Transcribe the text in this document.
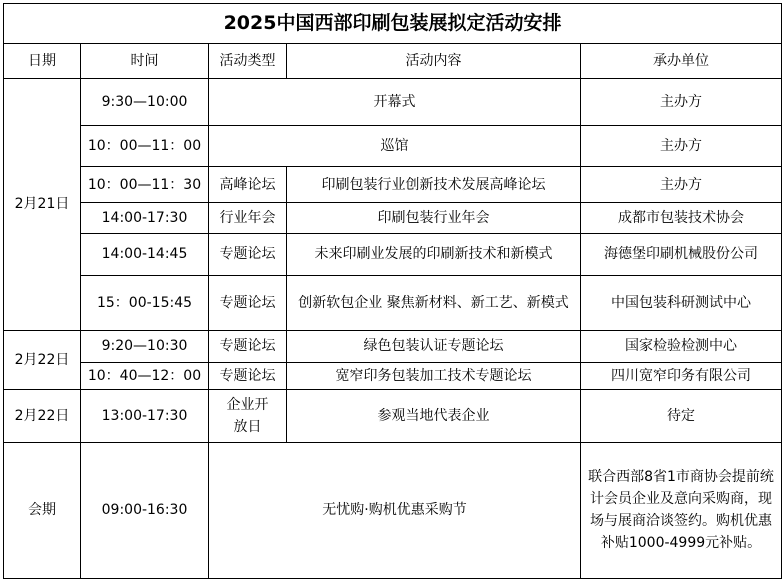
2025中国西部印刷包装展拟定活动安排				
日期	时间	活动类型	活动内容	承办单位
2月21日	9:30—10:00	开幕式		主办方
	10：00—11：00	巡馆		主办方
	10：00—11：30	高峰论坛	印刷包装行业创新技术发展高峰论坛	主办方
	14:00-17:30	行业年会	印刷包装行业年会	成都市包装技术协会
	14:00-14:45	专题论坛	未来印刷业发展的印刷新技术和新模式	海德堡印刷机械股份公司
	15：00-15:45	专题论坛	创新软包企业 聚焦新材料、新工艺、新模式	中国包装科研测试中心
2月22日	9:20—10:30	专题论坛	绿色包装认证专题论坛	国家检验检测中心
	10：40—12：00	专题论坛	宽窄印务包装加工技术专题论坛	四川宽窄印务有限公司
2月22日	13:00-17:30	企业开放日	参观当地代表企业	待定
会期	09:00-16:30	无忧购·购机优惠采购节		联合西部8省1市商协会提前统计会员企业及意向采购商，现场与展商洽谈签约。购机优惠补贴1000-4999元补贴。
